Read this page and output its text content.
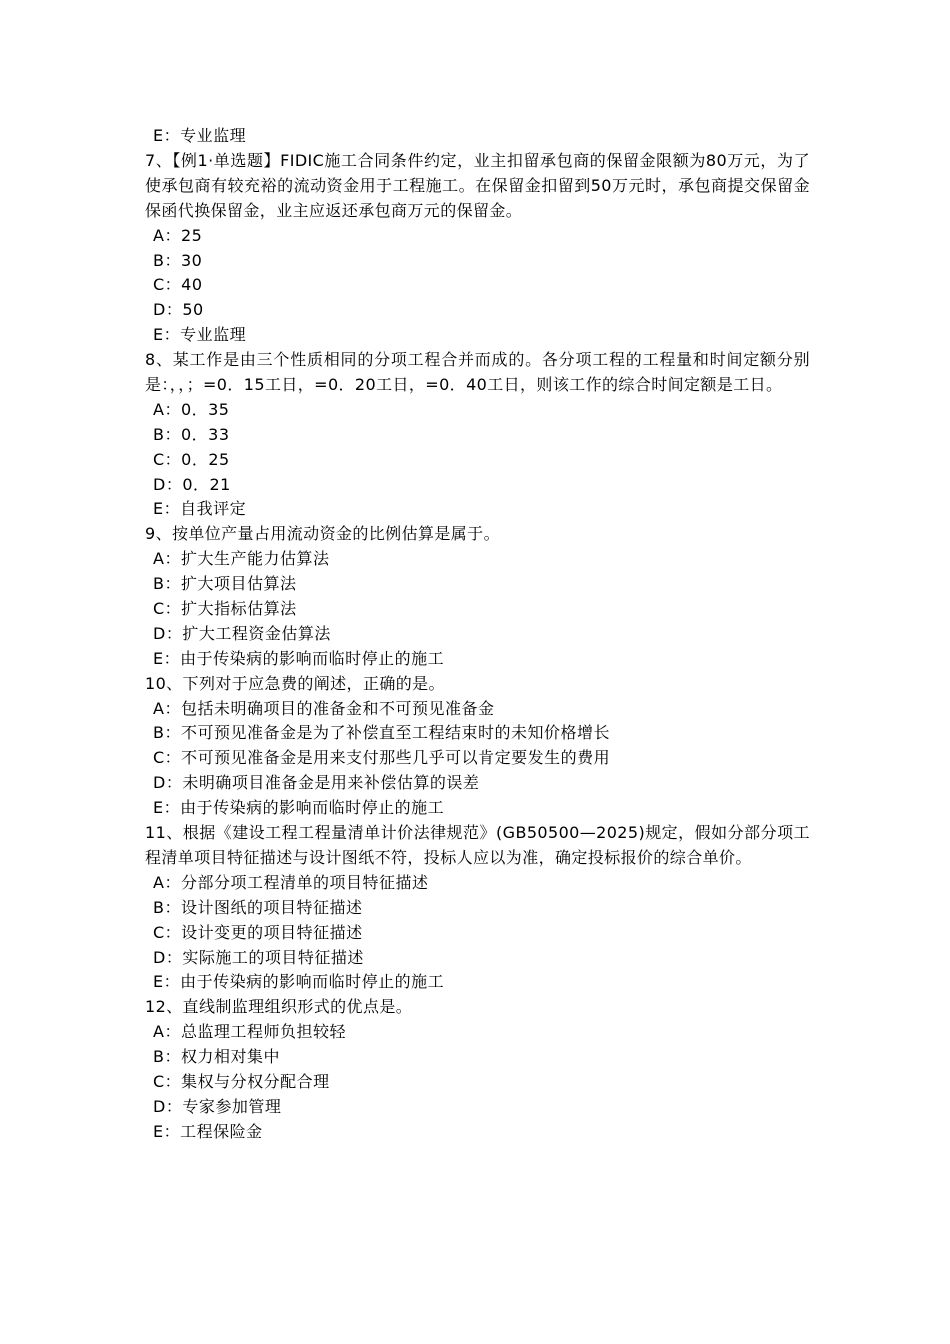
E：专业监理
7、【例1·单选题】FIDIC施工合同条件约定，业主扣留承包商的保留金限额为80万元，为了使承包商有较充裕的流动资金用于工程施工。在保留金扣留到50万元时，承包商提交保留金保函代换保留金，业主应返还承包商万元的保留金。
A：25
B：30
C：40
D：50
E：专业监理
8、某工作是由三个性质相同的分项工程合并而成的。各分项工程的工程量和时间定额分别是：，，；=0．15工日，=0．20工日，=0．40工日，则该工作的综合时间定额是工日。
A：0．35
B：0．33
C：0．25
D：0．21
E：自我评定
9、按单位产量占用流动资金的比例估算是属于。
A：扩大生产能力估算法
B：扩大项目估算法
C：扩大指标估算法
D：扩大工程资金估算法
E：由于传染病的影响而临时停止的施工
10、下列对于应急费的阐述，正确的是。
A：包括未明确项目的准备金和不可预见准备金
B：不可预见准备金是为了补偿直至工程结束时的未知价格增长
C：不可预见准备金是用来支付那些几乎可以肯定要发生的费用
D：未明确项目准备金是用来补偿估算的误差
E：由于传染病的影响而临时停止的施工
11、根据《建设工程工程量清单计价法律规范》(GB50500—2025)规定，假如分部分项工程清单项目特征描述与设计图纸不符，投标人应以为准，确定投标报价的综合单价。
A：分部分项工程清单的项目特征描述
B：设计图纸的项目特征描述
C：设计变更的项目特征描述
D：实际施工的项目特征描述
E：由于传染病的影响而临时停止的施工
12、直线制监理组织形式的优点是。
A：总监理工程师负担较轻
B：权力相对集中
C：集权与分权分配合理
D：专家参加管理
E：工程保险金
